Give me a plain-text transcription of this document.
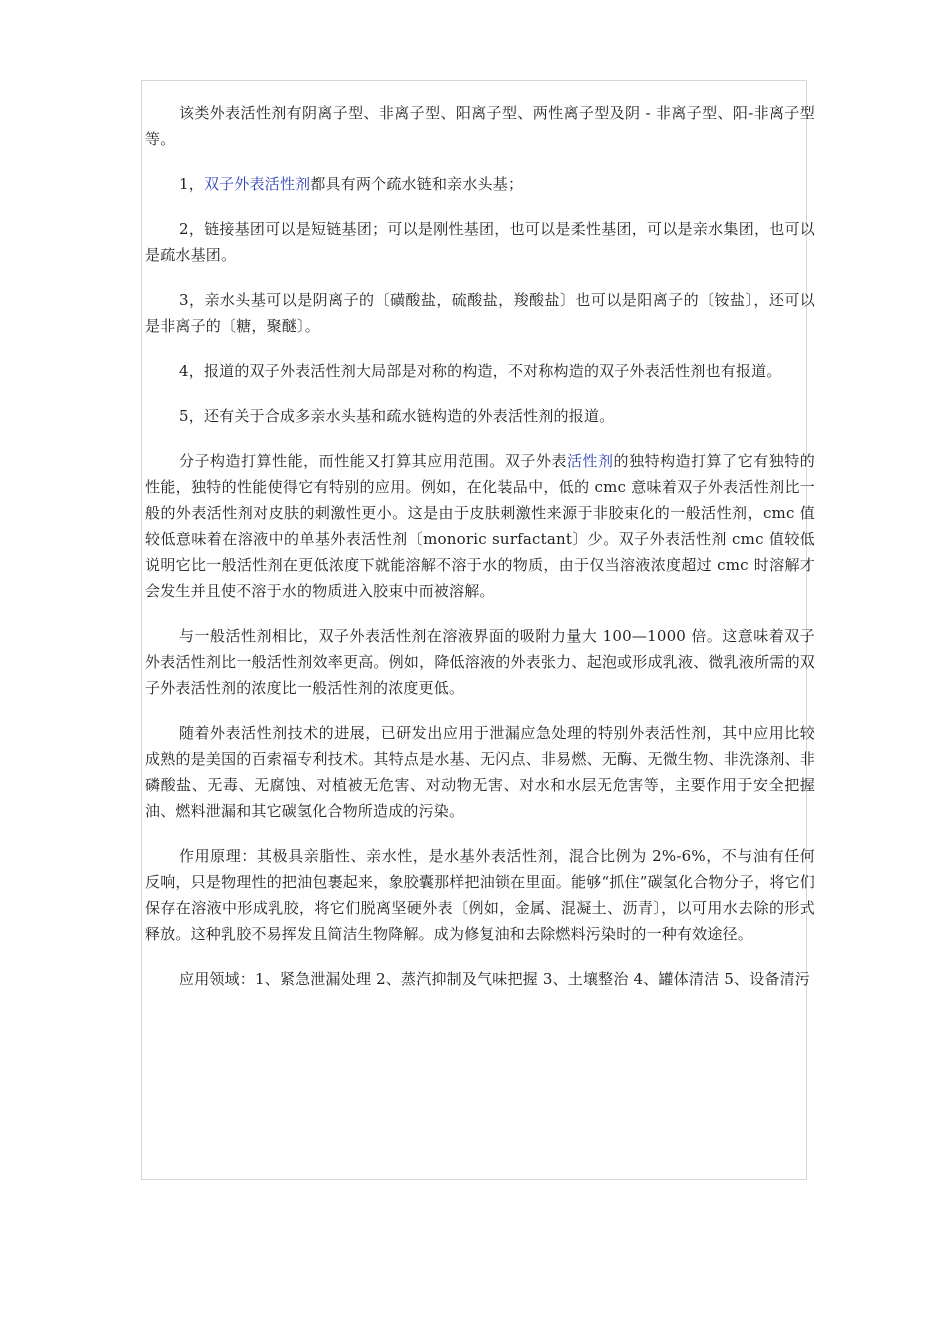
该类外表活性剂有阴离子型、非离子型、阳离子型、两性离子型及阴 - 非离子型、阳-非离子型等。

1，双子外表活性剂都具有两个疏水链和亲水头基；

2，链接基团可以是短链基团；可以是刚性基团，也可以是柔性基团，可以是亲水集团，也可以是疏水基团。

3，亲水头基可以是阴离子的〔磺酸盐，硫酸盐，羧酸盐〕也可以是阳离子的〔铵盐〕，还可以是非离子的〔糖，聚醚〕。

4，报道的双子外表活性剂大局部是对称的构造，不对称构造的双子外表活性剂也有报道。

5，还有关于合成多亲水头基和疏水链构造的外表活性剂的报道。

分子构造打算性能，而性能又打算其应用范围。双子外表活性剂的独特构造打算了它有独特的性能，独特的性能使得它有特别的应用。例如，在化装品中，低的 cmc 意味着双子外表活性剂比一般的外表活性剂对皮肤的刺激性更小。这是由于皮肤刺激性来源于非胶束化的一般活性剂，cmc 值较低意味着在溶液中的单基外表活性剂〔monoric surfactant〕少。双子外表活性剂 cmc 值较低说明它比一般活性剂在更低浓度下就能溶解不溶于水的物质，由于仅当溶液浓度超过 cmc 时溶解才会发生并且使不溶于水的物质进入胶束中而被溶解。

与一般活性剂相比，双子外表活性剂在溶液界面的吸附力量大 100—1000 倍。这意味着双子外表活性剂比一般活性剂效率更高。例如，降低溶液的外表张力、起泡或形成乳液、微乳液所需的双子外表活性剂的浓度比一般活性剂的浓度更低。

随着外表活性剂技术的进展，已研发出应用于泄漏应急处理的特别外表活性剂，其中应用比较成熟的是美国的百索福专利技术。其特点是水基、无闪点、非易燃、无酶、无微生物、非洗涤剂、非磷酸盐、无毒、无腐蚀、对植被无危害、对动物无害、对水和水层无危害等，主要作用于安全把握油、燃料泄漏和其它碳氢化合物所造成的污染。

作用原理：其极具亲脂性、亲水性，是水基外表活性剂，混合比例为 2%-6%，不与油有任何反响，只是物理性的把油包裹起来，象胶囊那样把油锁在里面。能够“抓住”碳氢化合物分子，将它们保存在溶液中形成乳胶，将它们脱离坚硬外表〔例如，金属、混凝土、沥青〕，以可用水去除的形式释放。这种乳胶不易挥发且简洁生物降解。成为修复油和去除燃料污染时的一种有效途径。

应用领域：1、紧急泄漏处理 2、蒸汽抑制及气味把握 3、土壤整治 4、罐体清洁 5、设备清污
